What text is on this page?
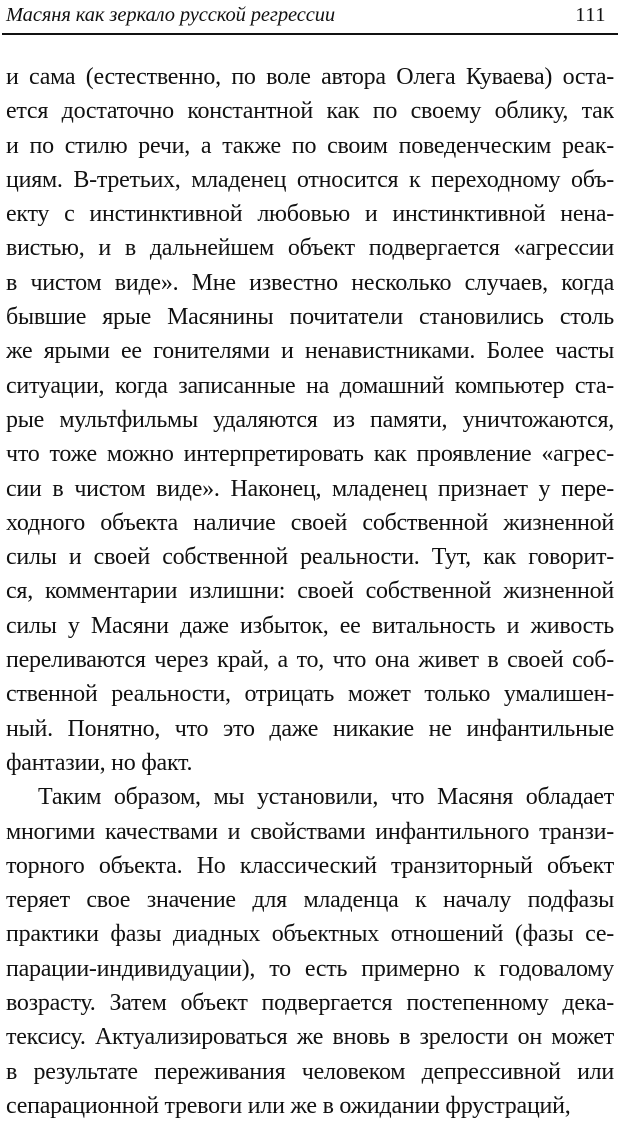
Масяня как зеркало русской регрессии	111
и сама (естественно, по воле автора Олега Куваева) оста-
ется достаточно константной как по своему облику, так
и по стилю речи, а также по своим поведенческим реак-
циям. В-третьих, младенец относится к переходному объ-
екту с инстинктивной любовью и инстинктивной нена-
вистью, и в дальнейшем объект подвергается «агрессии
в чистом виде». Мне известно несколько случаев, когда
бывшие ярые Масянины почитатели становились столь
же ярыми ее гонителями и ненавистниками. Более часты
ситуации, когда записанные на домашний компьютер ста-
рые мультфильмы удаляются из памяти, уничтожаются,
что тоже можно интерпретировать как проявление «агрес-
сии в чистом виде». Наконец, младенец признает у пере-
ходного объекта наличие своей собственной жизненной
силы и своей собственной реальности. Тут, как говорит-
ся, комментарии излишни: своей собственной жизненной
силы у Масяни даже избыток, ее витальность и живость
переливаются через край, а то, что она живет в своей соб-
ственной реальности, отрицать может только умалишен-
ный. Понятно, что это даже никакие не инфантильные
фантазии, но факт.
Таким образом, мы установили, что Масяня обладает
многими качествами и свойствами инфантильного транзи-
торного объекта. Но классический транзиторный объект
теряет свое значение для младенца к началу подфазы
практики фазы диадных объектных отношений (фазы се-
парации-индивидуации), то есть примерно к годовалому
возрасту. Затем объект подвергается постепенному дека-
тексису. Актуализироваться же вновь в зрелости он может
в результате переживания человеком депрессивной или
сепарационной тревоги или же в ожидании фрустраций,
